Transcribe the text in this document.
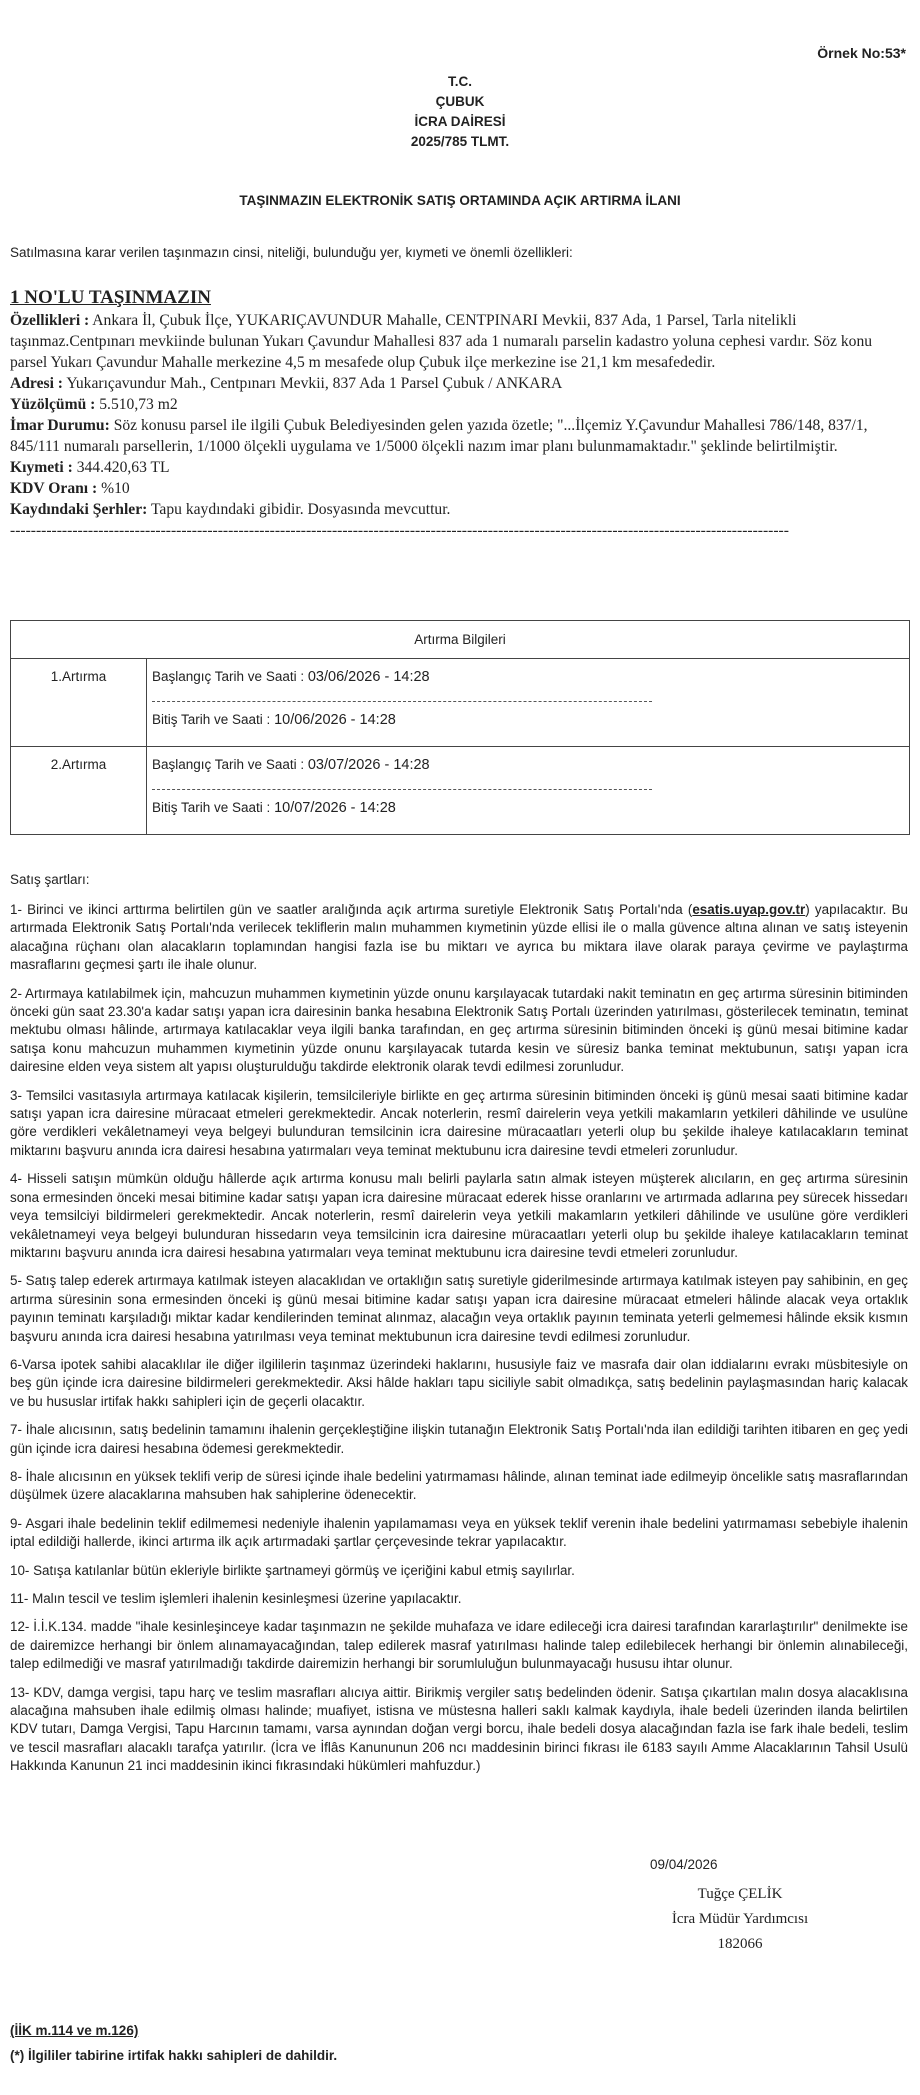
Örnek No:53*
T.C.
ÇUBUK
İCRA DAİRESİ
2025/785 TLMT.
TAŞINMAZIN ELEKTRONİK SATIŞ ORTAMINDA AÇIK ARTIRMA İLANI
Satılmasına karar verilen taşınmazın cinsi, niteliği, bulunduğu yer, kıymeti ve önemli özellikleri:
1 NO'LU TAŞINMAZIN
Özellikleri : Ankara İl, Çubuk İlçe, YUKARIÇAVUNDUR Mahalle, CENTPINARI Mevkii, 837 Ada, 1 Parsel, Tarla nitelikli taşınmaz.Centpınarı mevkiinde bulunan Yukarı Çavundur Mahallesi 837 ada 1 numaralı parselin kadastro yoluna cephesi vardır. Söz konu parsel Yukarı Çavundur Mahalle merkezine 4,5 m mesafede olup Çubuk ilçe merkezine ise 21,1 km mesafededir.
Adresi : Yukarıçavundur Mah., Centpınarı Mevkii, 837 Ada 1 Parsel Çubuk / ANKARA
Yüzölçümü : 5.510,73 m2
İmar Durumu: Söz konusu parsel ile ilgili Çubuk Belediyesinden gelen yazıda özetle; "...İlçemiz Y.Çavundur Mahallesi 786/148, 837/1, 845/111 numaralı parsellerin, 1/1000 ölçekli uygulama ve 1/5000 ölçekli nazım imar planı bulunmamaktadır." şeklinde belirtilmiştir.
Kıymeti : 344.420,63 TL
KDV Oranı : %10
Kaydındaki Şerhler: Tapu kaydındaki gibidir. Dosyasında mevcuttur.
------------------------------------------------------------------------------------------------------------------------------------------------------
Artırma Bilgileri	
1.Artırma	Başlangıç Tarih ve Saati : 03/06/2026 - 14:28
Bitiş Tarih ve Saati : 10/06/2026 - 14:28

2.Artırma	Başlangıç Tarih ve Saati : 03/07/2026 - 14:28
Bitiş Tarih ve Saati : 10/07/2026 - 14:28
Satış şartları:

1- Birinci ve ikinci arttırma belirtilen gün ve saatler aralığında açık artırma suretiyle Elektronik Satış Portalı'nda (esatis.uyap.gov.tr) yapılacaktır. Bu artırmada Elektronik Satış Portalı'nda verilecek tekliflerin malın muhammen kıymetinin yüzde ellisi ile o malla güvence altına alınan ve satış isteyenin alacağına rüçhanı olan alacakların toplamından hangisi fazla ise bu miktarı ve ayrıca bu miktara ilave olarak paraya çevirme ve paylaştırma masraflarını geçmesi şartı ile ihale olunur.

2- Artırmaya katılabilmek için, mahcuzun muhammen kıymetinin yüzde onunu karşılayacak tutardaki nakit teminatın en geç artırma süresinin bitiminden önceki gün saat 23.30'a kadar satışı yapan icra dairesinin banka hesabına Elektronik Satış Portalı üzerinden yatırılması, gösterilecek teminatın, teminat mektubu olması hâlinde, artırmaya katılacaklar veya ilgili banka tarafından, en geç artırma süresinin bitiminden önceki iş günü mesai bitimine kadar satışa konu mahcuzun muhammen kıymetinin yüzde onunu karşılayacak tutarda kesin ve süresiz banka teminat mektubunun, satışı yapan icra dairesine elden veya sistem alt yapısı oluşturulduğu takdirde elektronik olarak tevdi edilmesi zorunludur.

3- Temsilci vasıtasıyla artırmaya katılacak kişilerin, temsilcileriyle birlikte en geç artırma süresinin bitiminden önceki iş günü mesai saati bitimine kadar satışı yapan icra dairesine müracaat etmeleri gerekmektedir. Ancak noterlerin, resmî dairelerin veya yetkili makamların yetkileri dâhilinde ve usulüne göre verdikleri vekâletnameyi veya belgeyi bulunduran temsilcinin icra dairesine müracaatları yeterli olup bu şekilde ihaleye katılacakların teminat miktarını başvuru anında icra dairesi hesabına yatırmaları veya teminat mektubunu icra dairesine tevdi etmeleri zorunludur.

4- Hisseli satışın mümkün olduğu hâllerde açık artırma konusu malı belirli paylarla satın almak isteyen müşterek alıcıların, en geç artırma süresinin sona ermesinden önceki mesai bitimine kadar satışı yapan icra dairesine müracaat ederek hisse oranlarını ve artırmada adlarına pey sürecek hissedarı veya temsilciyi bildirmeleri gerekmektedir. Ancak noterlerin, resmî dairelerin veya yetkili makamların yetkileri dâhilinde ve usulüne göre verdikleri vekâletnameyi veya belgeyi bulunduran hissedarın veya temsilcinin icra dairesine müracaatları yeterli olup bu şekilde ihaleye katılacakların teminat miktarını başvuru anında icra dairesi hesabına yatırmaları veya teminat mektubunu icra dairesine tevdi etmeleri zorunludur.

5- Satış talep ederek artırmaya katılmak isteyen alacaklıdan ve ortaklığın satış suretiyle giderilmesinde artırmaya katılmak isteyen pay sahibinin, en geç artırma süresinin sona ermesinden önceki iş günü mesai bitimine kadar satışı yapan icra dairesine müracaat etmeleri hâlinde alacak veya ortaklık payının teminatı karşıladığı miktar kadar kendilerinden teminat alınmaz, alacağın veya ortaklık payının teminata yeterli gelmemesi hâlinde eksik kısmın başvuru anında icra dairesi hesabına yatırılması veya teminat mektubunun icra dairesine tevdi edilmesi zorunludur.

6-Varsa ipotek sahibi alacaklılar ile diğer ilgililerin taşınmaz üzerindeki haklarını, hususiyle faiz ve masrafa dair olan iddialarını evrakı müsbitesiyle on beş gün içinde icra dairesine bildirmeleri gerekmektedir. Aksi hâlde hakları tapu siciliyle sabit olmadıkça, satış bedelinin paylaşmasından hariç kalacak ve bu hususlar irtifak hakkı sahipleri için de geçerli olacaktır.

7- İhale alıcısının, satış bedelinin tamamını ihalenin gerçekleştiğine ilişkin tutanağın Elektronik Satış Portalı'nda ilan edildiği tarihten itibaren en geç yedi gün içinde icra dairesi hesabına ödemesi gerekmektedir.

8- İhale alıcısının en yüksek teklifi verip de süresi içinde ihale bedelini yatırmaması hâlinde, alınan teminat iade edilmeyip öncelikle satış masraflarından düşülmek üzere alacaklarına mahsuben hak sahiplerine ödenecektir.

9- Asgari ihale bedelinin teklif edilmemesi nedeniyle ihalenin yapılamaması veya en yüksek teklif verenin ihale bedelini yatırmaması sebebiyle ihalenin iptal edildiği hallerde, ikinci artırma ilk açık artırmadaki şartlar çerçevesinde tekrar yapılacaktır.

10- Satışa katılanlar bütün ekleriyle birlikte şartnameyi görmüş ve içeriğini kabul etmiş sayılırlar.

11- Malın tescil ve teslim işlemleri ihalenin kesinleşmesi üzerine yapılacaktır.

12- İ.İ.K.134. madde "ihale kesinleşinceye kadar taşınmazın ne şekilde muhafaza ve idare edileceği icra dairesi tarafından kararlaştırılır" denilmekte ise de dairemizce herhangi bir önlem alınamayacağından, talep edilerek masraf yatırılması halinde talep edilebilecek herhangi bir önlemin alınabileceği, talep edilmediği ve masraf yatırılmadığı takdirde dairemizin herhangi bir sorumluluğun bulunmayacağı hususu ihtar olunur.

13- KDV, damga vergisi, tapu harç ve teslim masrafları alıcıya aittir. Birikmiş vergiler satış bedelinden ödenir. Satışa çıkartılan malın dosya alacaklısına alacağına mahsuben ihale edilmiş olması halinde; muafiyet, istisna ve müstesna halleri saklı kalmak kaydıyla, ihale bedeli üzerinden ilanda belirtilen KDV tutarı, Damga Vergisi, Tapu Harcının tamamı, varsa aynından doğan vergi borcu, ihale bedeli dosya alacağından fazla ise fark ihale bedeli, teslim ve tescil masrafları alacaklı tarafça yatırılır. (İcra ve İflâs Kanununun 206 ncı maddesinin birinci fıkrası ile 6183 sayılı Amme Alacaklarının Tahsil Usulü Hakkında Kanunun 21 inci maddesinin ikinci fıkrasındaki hükümleri mahfuzdur.)

09/04/2026
Tuğçe ÇELİK
İcra Müdür Yardımcısı
182066
(İİK m.114 ve m.126)
(*) İlgililer tabirine irtifak hakkı sahipleri de dahildir.
